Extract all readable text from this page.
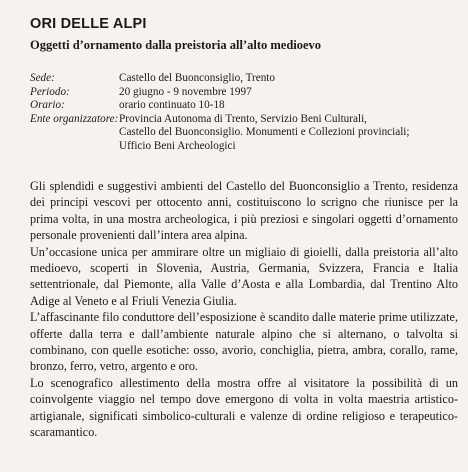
ORI DELLE ALPI
Oggetti d’ornamento dalla preistoria all’alto medioevo
Sede:	Castello del Buonconsiglio, Trento
Periodo:	20 giugno - 9 novembre 1997
Orario:	orario continuato 10-18
Ente organizzatore: Provincia Autonoma di Trento, Servizio Beni Culturali,
Castello del Buonconsiglio. Monumenti e Collezioni provinciali;
Ufficio Beni Archeologici

Gli splendidi e suggestivi ambienti del Castello del Buonconsiglio a Trento, residenza dei principi vescovi per ottocento anni, costituiscono lo scrigno che riunisce per la prima volta, in una mostra archeologica, i più preziosi e singolari oggetti d’ornamento personale provenienti dall’intera area alpina.

Un’occasione unica per ammirare oltre un migliaio di gioielli, dalla preistoria all’alto medioevo, scoperti in Slovenia, Austria, Germania, Svizzera, Francia e Italia settentrionale, dal Piemonte, alla Valle d’Aosta e alla Lombardia, dal Trentino Alto Adige al Veneto e al Friuli Venezia Giulia.

L’affascinante filo conduttore dell’esposizione è scandito dalle materie prime utilizzate, offerte dalla terra e dall’ambiente naturale alpino che si alternano, o talvolta si combinano, con quelle esotiche: osso, avorio, conchiglia, pietra, ambra, corallo, rame, bronzo, ferro, vetro, argento e oro.

Lo scenografico allestimento della mostra offre al visitatore la possibilità di un coinvolgente viaggio nel tempo dove emergono di volta in volta maestria artistico-artigianale, significati simbolico-culturali e valenze di ordine religioso e terapeutico-scaramantico.
